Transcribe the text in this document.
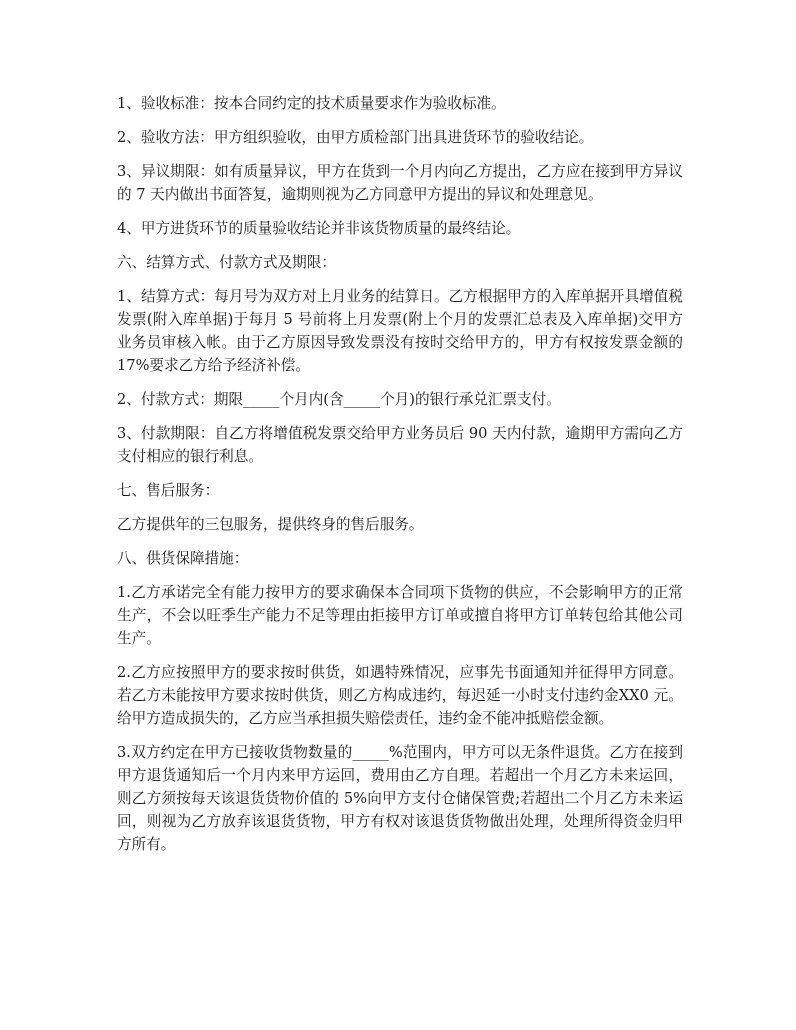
1、验收标准：按本合同约定的技术质量要求作为验收标准。

2、验收方法：甲方组织验收，由甲方质检部门出具进货环节的验收结论。

3、异议期限：如有质量异议，甲方在货到一个月内向乙方提出，乙方应在接到甲方异议的 7 天内做出书面答复，逾期则视为乙方同意甲方提出的异议和处理意见。

4、甲方进货环节的质量验收结论并非该货物质量的最终结论。

六、结算方式、付款方式及期限：

1、结算方式：每月号为双方对上月业务的结算日。乙方根据甲方的入库单据开具增值税发票(附入库单据)于每月 5 号前将上月发票(附上个月的发票汇总表及入库单据)交甲方业务员审核入帐。由于乙方原因导致发票没有按时交给甲方的，甲方有权按发票金额的 17%要求乙方给予经济补偿。

2、付款方式：期限_____个月内(含_____个月)的银行承兑汇票支付。

3、付款期限：自乙方将增值税发票交给甲方业务员后 90 天内付款，逾期甲方需向乙方支付相应的银行利息。

七、售后服务：

乙方提供年的三包服务，提供终身的售后服务。

八、供货保障措施：

1.乙方承诺完全有能力按甲方的要求确保本合同项下货物的供应，不会影响甲方的正常生产，不会以旺季生产能力不足等理由拒接甲方订单或擅自将甲方订单转包给其他公司生产。

2.乙方应按照甲方的要求按时供货，如遇特殊情况，应事先书面通知并征得甲方同意。若乙方未能按甲方要求按时供货，则乙方构成违约，每迟延一小时支付违约金XX0 元。给甲方造成损失的，乙方应当承担损失赔偿责任，违约金不能冲抵赔偿金额。

3.双方约定在甲方已接收货物数量的_____%范围内，甲方可以无条件退货。乙方在接到甲方退货通知后一个月内来甲方运回，费用由乙方自理。若超出一个月乙方未来运回，则乙方须按每天该退货货物价值的 5%向甲方支付仓储保管费;若超出二个月乙方未来运回，则视为乙方放弃该退货货物，甲方有权对该退货货物做出处理，处理所得资金归甲方所有。
